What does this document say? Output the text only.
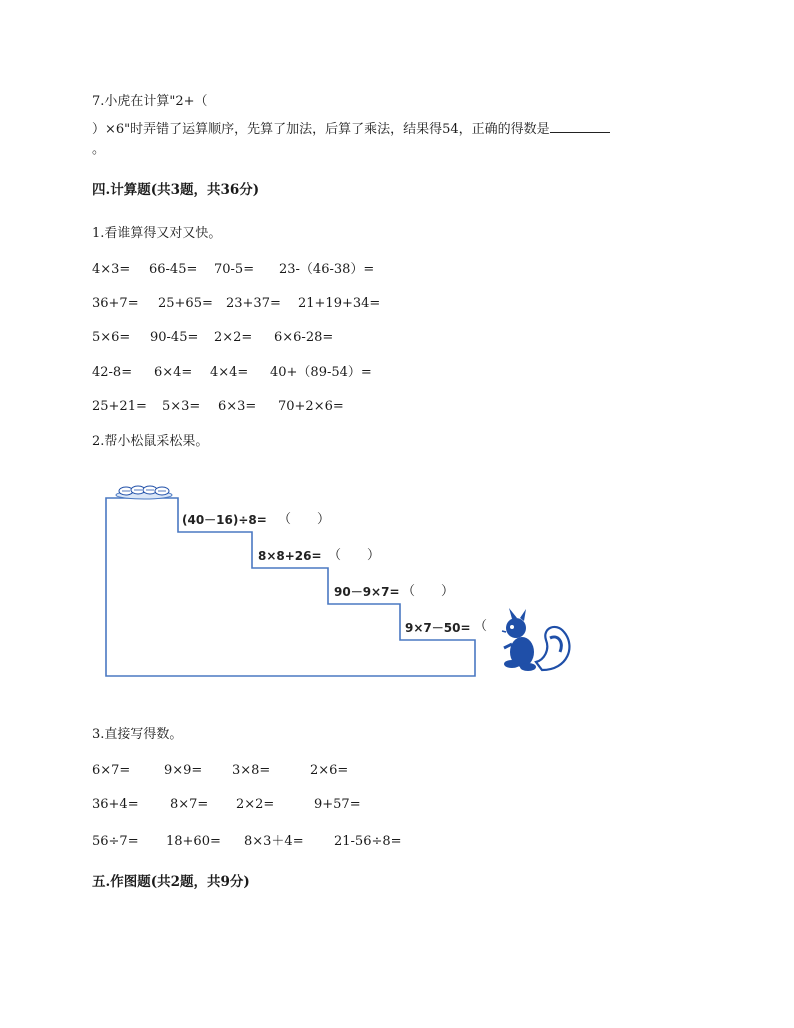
7.小虎在计算"2+（
）×6"时弄错了运算顺序，先算了加法，后算了乘法，结果得54，正确的得数是
。
四.计算题(共3题，共36分)
1.看谁算得又对又快。
4×3= 66-45= 70-5= 23-（46-38）=
36+7= 25+65= 23+37= 21+19+34=
5×6= 90-45= 2×2= 6×6-28=
42-8= 6×4= 4×4= 40+（89-54）=
25+21= 5×3= 6×3= 70+2×6=
2.帮小松鼠采松果。
(40－16)÷8= （　　）
8×8+26= （　　）
90－9×7= （　　）
9×7－50= （
3.直接写得数。
6×7=	9×9= 3×8=	2×6=
36+4= 8×7= 2×2=	9+57=
56÷7= 18+60= 8×3＋4= 21-56÷8=
五.作图题(共2题，共9分)
